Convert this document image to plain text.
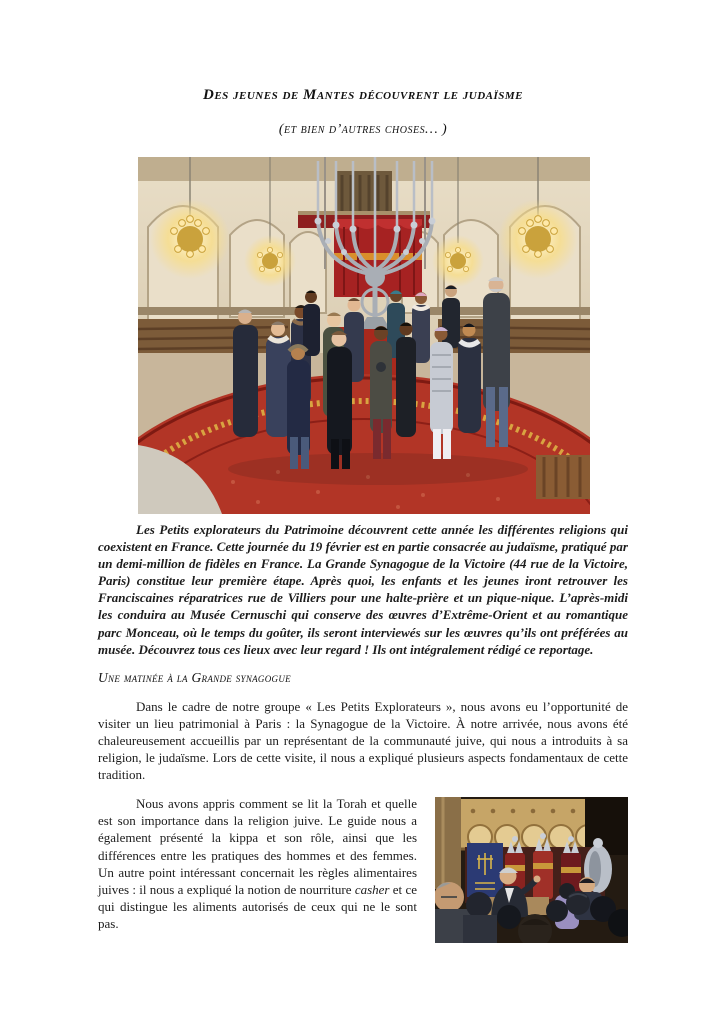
Des jeunes de Mantes découvrent le judaïsme

(et bien d’autres choses… )

Les Petits explorateurs du Patrimoine découvrent cette année les différentes religions qui coexistent en France. Cette journée du 19 février est en partie consacrée au judaïsme, pratiqué par un demi-million de fidèles en France. La Grande Synagogue de la Victoire (44 rue de la Victoire, Paris) constitue leur première étape. Après quoi, les enfants et les jeunes iront retrouver les Franciscaines réparatrices rue de Villiers pour une halte-prière et un pique-nique. L’après-midi les conduira au Musée Cernuschi qui conserve des œuvres d’Extrême-Orient et au romantique parc Monceau, où le temps du goûter, ils seront interviewés sur les œuvres qu’ils ont préférées au musée. Découvrez tous ces lieux avec leur regard ! Ils ont intégralement rédigé ce reportage.

Une matinée à la Grande synagogue

Dans le cadre de notre groupe « Les Petits Explorateurs », nous avons eu l’opportunité de visiter un lieu patrimonial à Paris : la Synagogue de la Victoire. À notre arrivée, nous avons été chaleureusement accueillis par un représentant de la communauté juive, qui nous a introduits à sa religion, le judaïsme. Lors de cette visite, il nous a expliqué plusieurs aspects fondamentaux de cette tradition.

Nous avons appris comment se lit la Torah et quelle est son importance dans la religion juive. Le guide nous a également présenté la kippa et son rôle, ainsi que les différences entre les pratiques des hommes et des femmes. Un autre point intéressant concernait les règles alimentaires juives : il nous a expliqué la notion de nourriture casher et ce qui distingue les aliments autorisés de ceux qui ne le sont pas.
